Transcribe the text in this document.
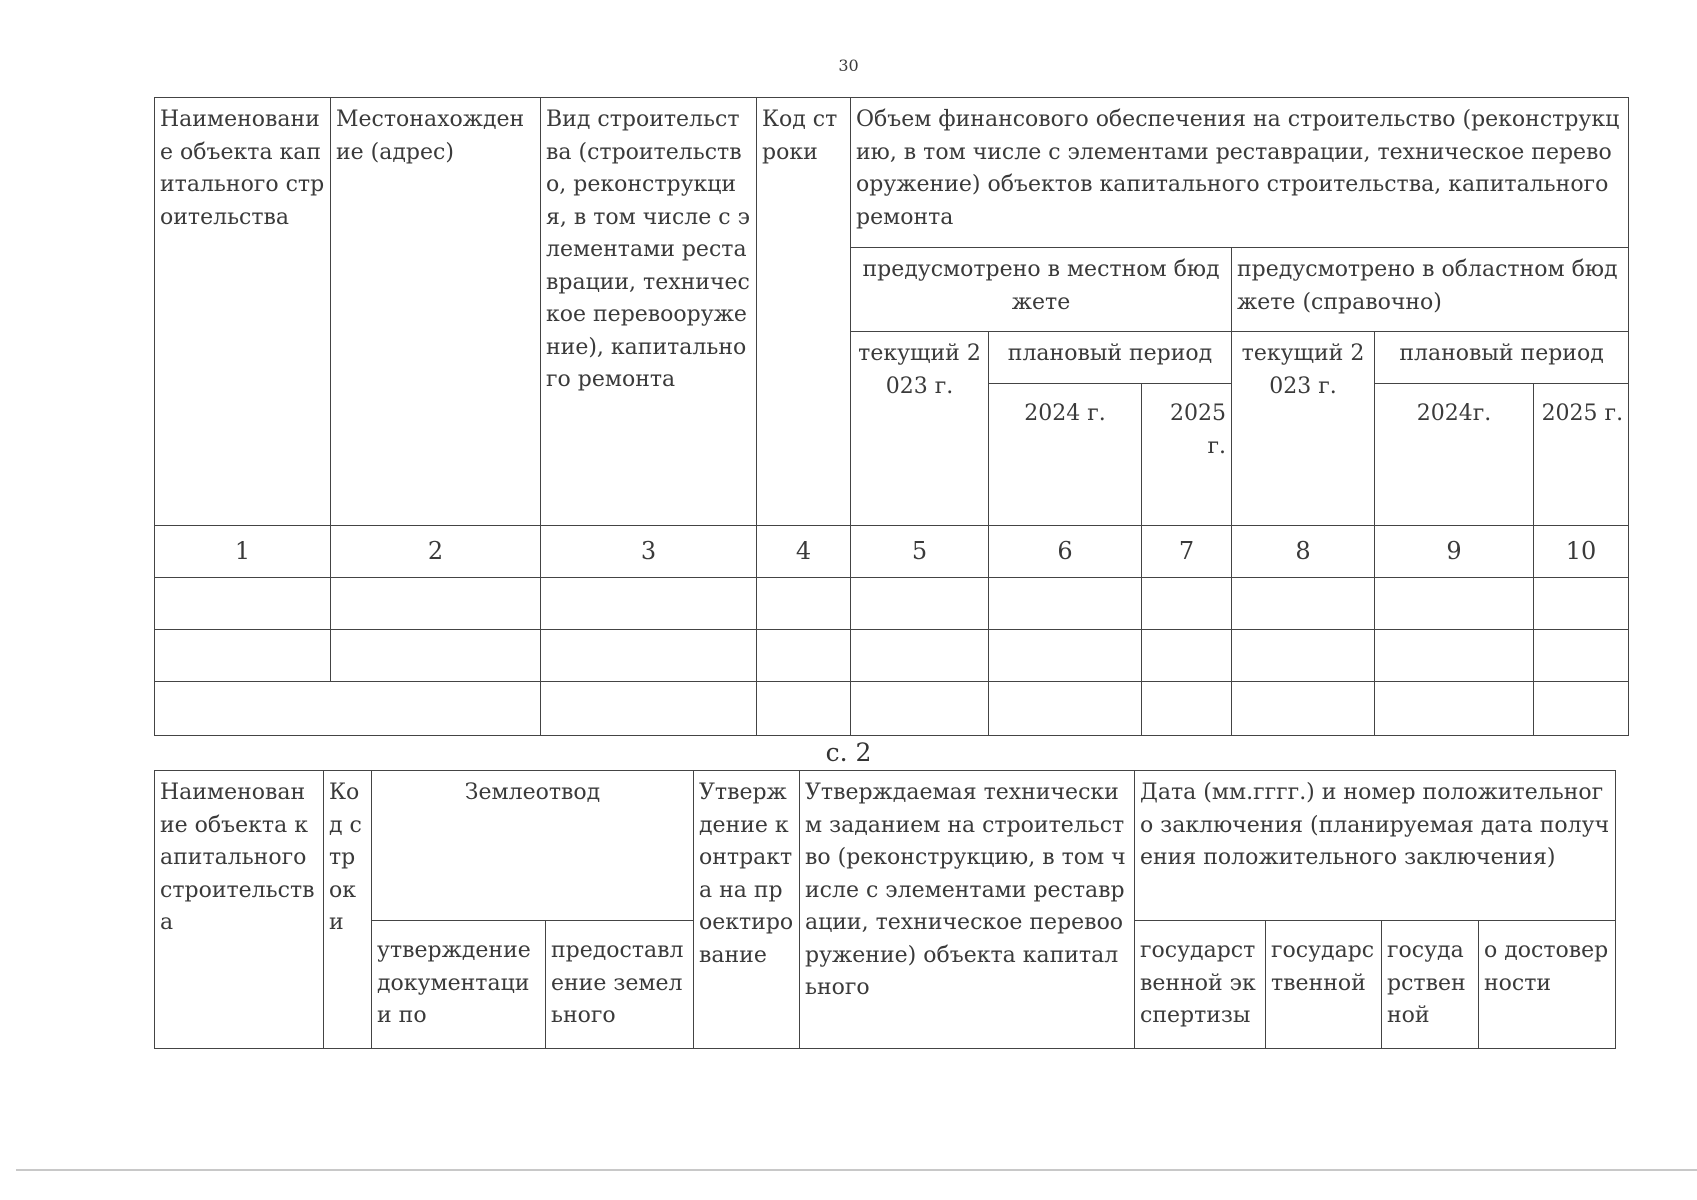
30
Наименование объекта капитального строительства	Местонахождение (адрес)	Вид строительства (строительство, реконструкция, в том числе с элементами реставрации, техническое перевооружение), капитального ремонта	Код строки	Объем финансового обеспечения на строительство (реконструкцию, в том числе с элементами реставрации, техническое перевооружение) объектов капитального строительства, капитального ремонта					
				предусмотрено в местном бюджете			предусмотрено в областном бюджете (справочно)		
				текущий 2023 г.	плановый период		текущий 2023 г.	плановый период	
					2024 г.	2025 г.		2024г.	2025 г.
1	2	3	4	5	6	7	8	9	10

с. 2
Наименование объекта капитального строительства	Код строки	Землеотвод		Утверждение контракта на проектирование	Утверждаемая техническим заданием на строительство (реконструкцию, в том числе с элементами реставрации, техническое перевооружение) объекта капитального	Дата (мм.гггг.) и номер положительного заключения (планируемая дата получения положительного заключения)			
		утверждение документации по	предоставление земельного			государственной экспертизы	государственной	государственной	о достоверности
